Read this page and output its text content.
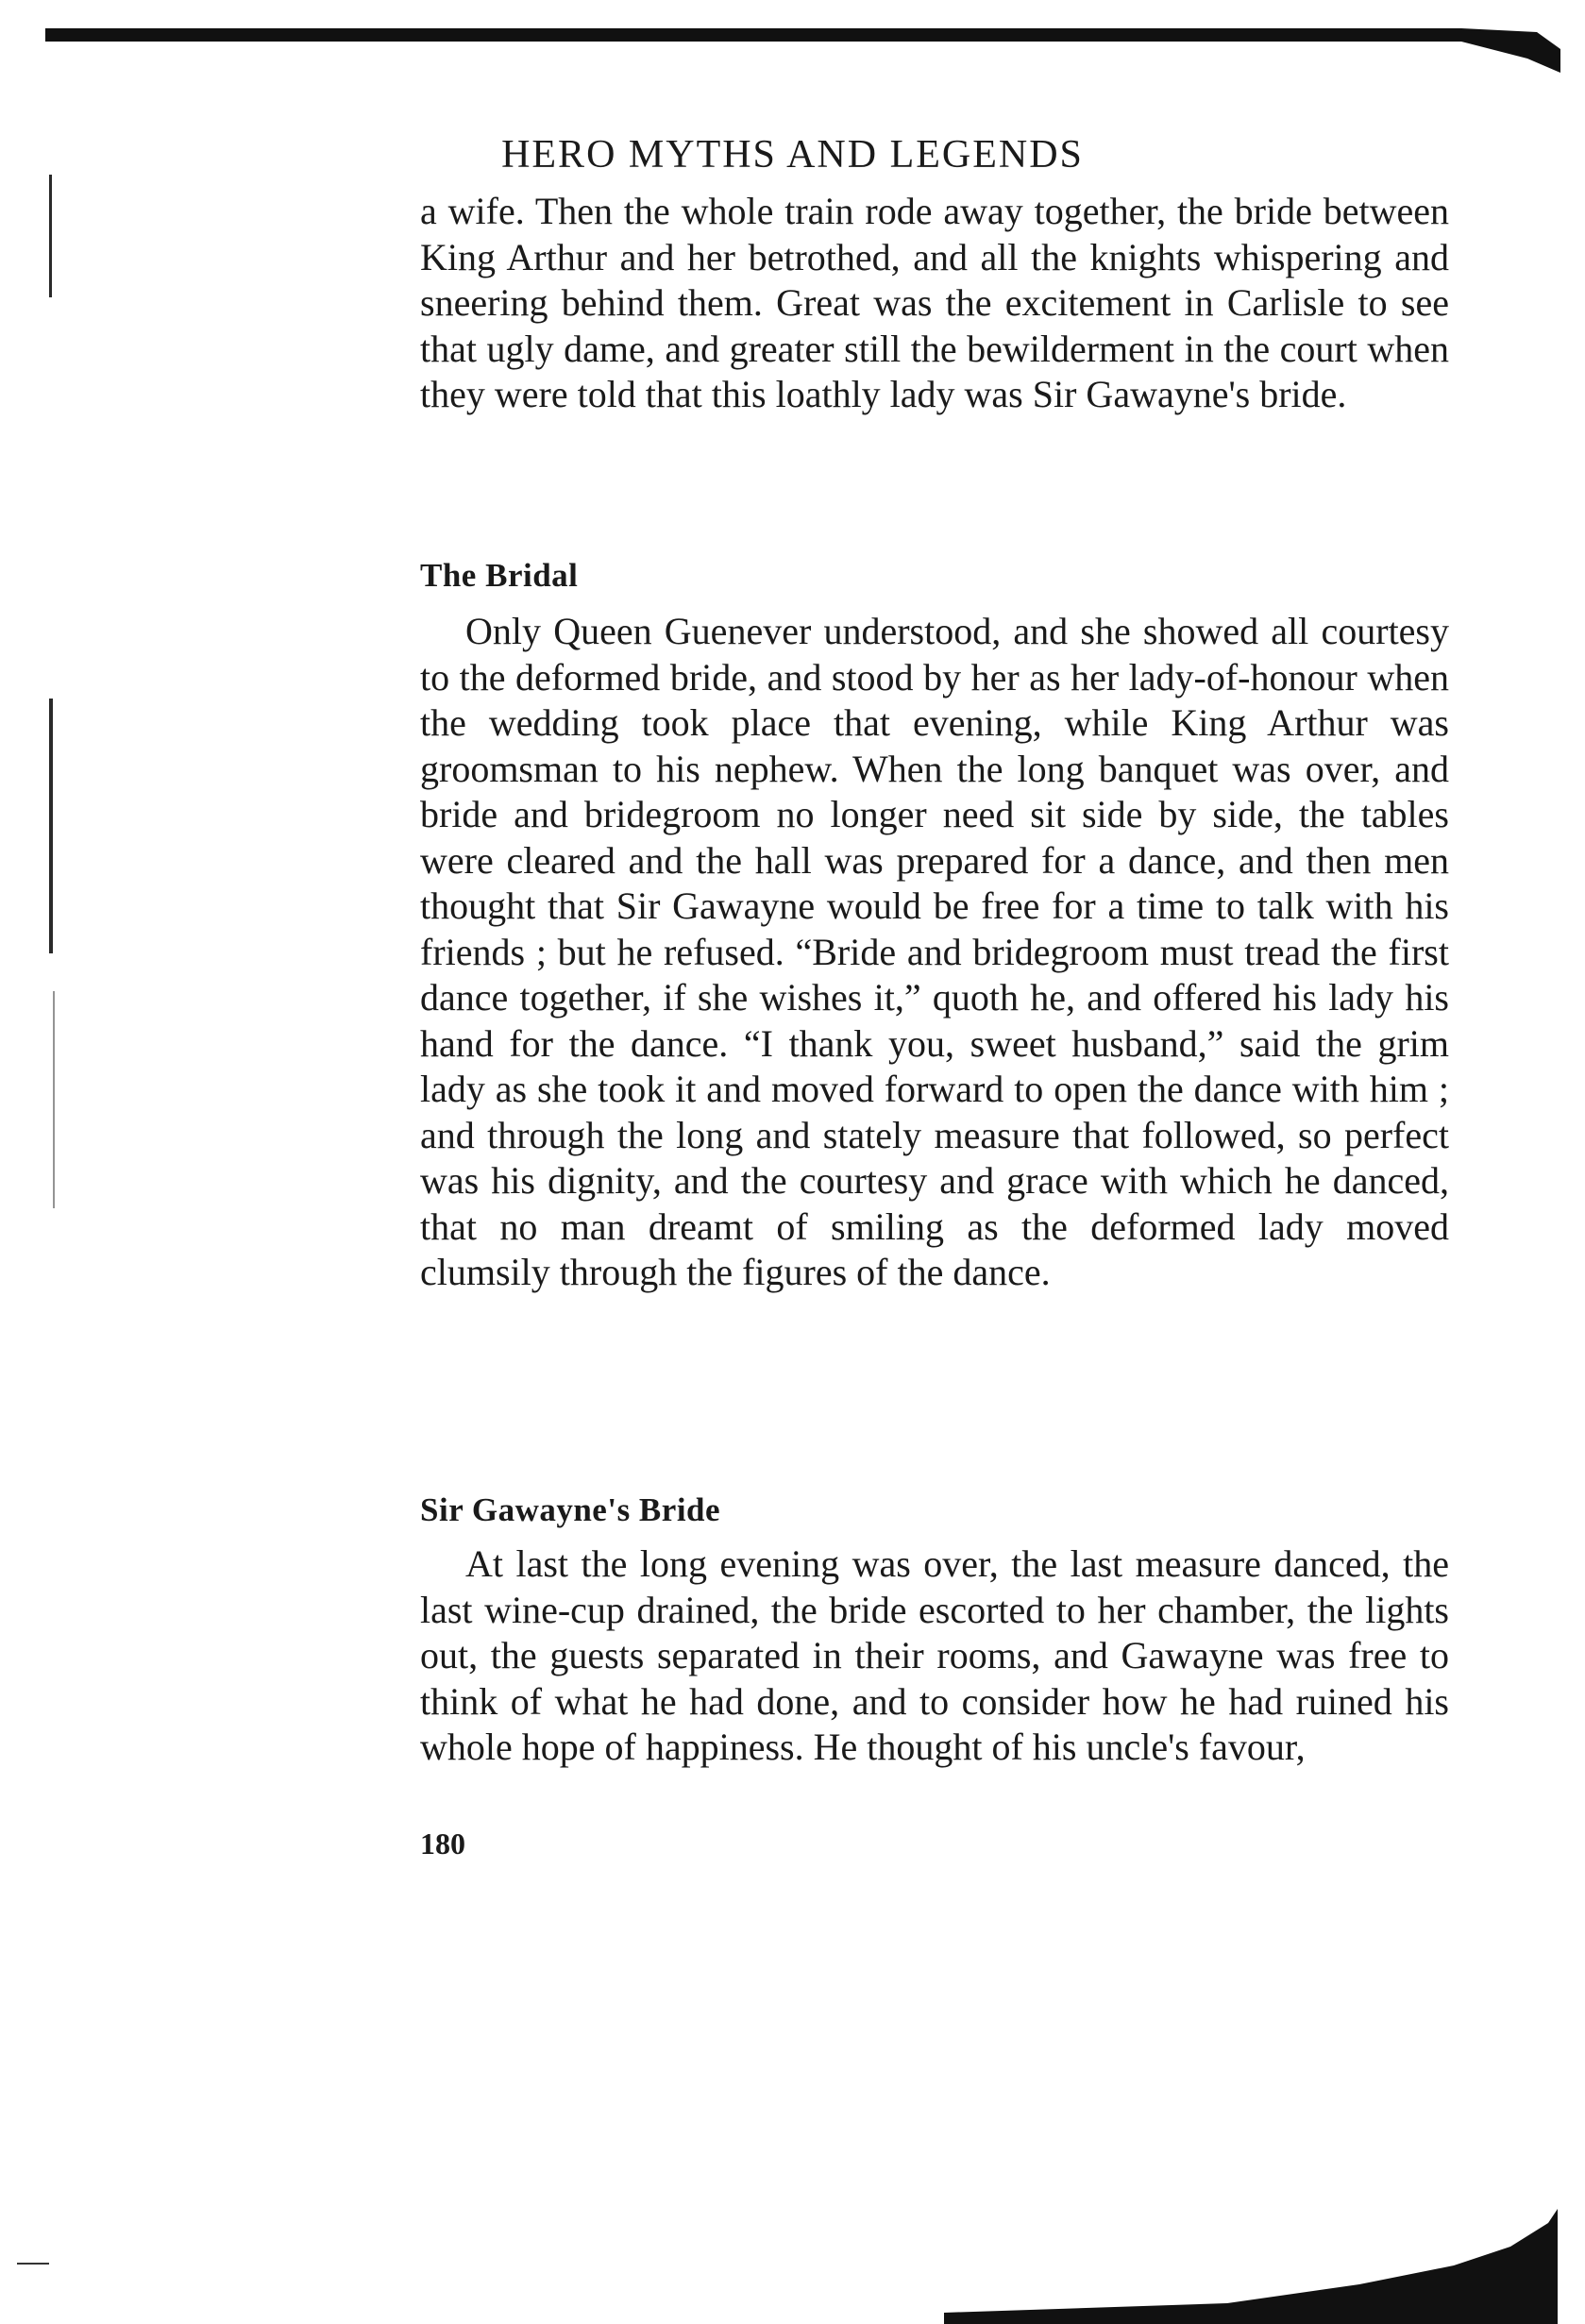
HERO MYTHS AND LEGENDS

a wife. Then the whole train rode away together, the bride between King Arthur and her betrothed, and all the knights whispering and sneering behind them. Great was the excitement in Carlisle to see that ugly dame, and greater still the bewilderment in the court when they were told that this loathly lady was Sir Gawayne's bride.

The Bridal

Only Queen Guenever understood, and she showed all courtesy to the deformed bride, and stood by her as her lady-of-honour when the wedding took place that evening, while King Arthur was groomsman to his nephew. When the long banquet was over, and bride and bridegroom no longer need sit side by side, the tables were cleared and the hall was prepared for a dance, and then men thought that Sir Gawayne would be free for a time to talk with his friends ; but he refused. “Bride and bridegroom must tread the first dance together, if she wishes it,” quoth he, and offered his lady his hand for the dance. “I thank you, sweet husband,” said the grim lady as she took it and moved forward to open the dance with him ; and through the long and stately measure that followed, so perfect was his dignity, and the courtesy and grace with which he danced, that no man dreamt of smiling as the deformed lady moved clumsily through the figures of the dance.

Sir Gawayne's Bride

At last the long evening was over, the last measure danced, the last wine-cup drained, the bride escorted to her chamber, the lights out, the guests separated in their rooms, and Gawayne was free to think of what he had done, and to consider how he had ruined his whole hope of happiness. He thought of his uncle's favour,

180
